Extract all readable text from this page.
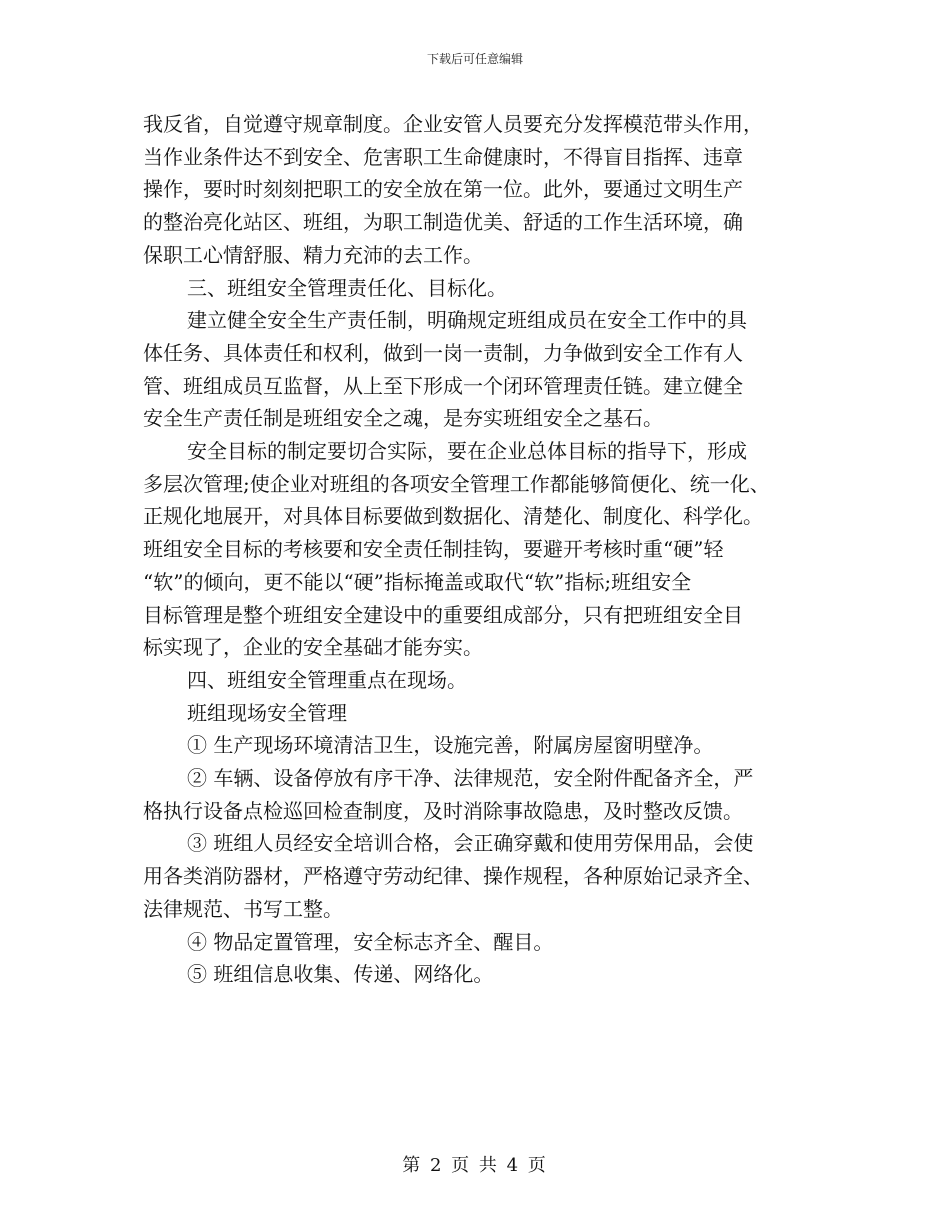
下载后可任意编辑
我反省，自觉遵守规章制度。企业安管人员要充分发挥模范带头作用，
当作业条件达不到安全、危害职工生命健康时，不得盲目指挥、违章
操作，要时时刻刻把职工的安全放在第一位。此外，要通过文明生产
的整治亮化站区、班组，为职工制造优美、舒适的工作生活环境，确
保职工心情舒服、精力充沛的去工作。
三、班组安全管理责任化、目标化。
建立健全安全生产责任制，明确规定班组成员在安全工作中的具
体任务、具体责任和权利，做到一岗一责制，力争做到安全工作有人
管、班组成员互监督，从上至下形成一个闭环管理责任链。建立健全
安全生产责任制是班组安全之魂，是夯实班组安全之基石。
安全目标的制定要切合实际，要在企业总体目标的指导下，形成
多层次管理;使企业对班组的各项安全管理工作都能够简便化、统一化、
正规化地展开，对具体目标要做到数据化、清楚化、制度化、科学化。
班组安全目标的考核要和安全责任制挂钩，要避开考核时重“硬”轻
“软”的倾向，更不能以“硬”指标掩盖或取代“软”指标;班组安全
目标管理是整个班组安全建设中的重要组成部分，只有把班组安全目
标实现了，企业的安全基础才能夯实。
四、班组安全管理重点在现场。
班组现场安全管理
① 生产现场环境清洁卫生，设施完善，附属房屋窗明壁净。
② 车辆、设备停放有序干净、法律规范，安全附件配备齐全，严
格执行设备点检巡回检查制度，及时消除事故隐患，及时整改反馈。
③ 班组人员经安全培训合格，会正确穿戴和使用劳保用品，会使
用各类消防器材，严格遵守劳动纪律、操作规程，各种原始记录齐全、
法律规范、书写工整。
④ 物品定置管理，安全标志齐全、醒目。
⑤ 班组信息收集、传递、网络化。
第 2 页 共 4 页
